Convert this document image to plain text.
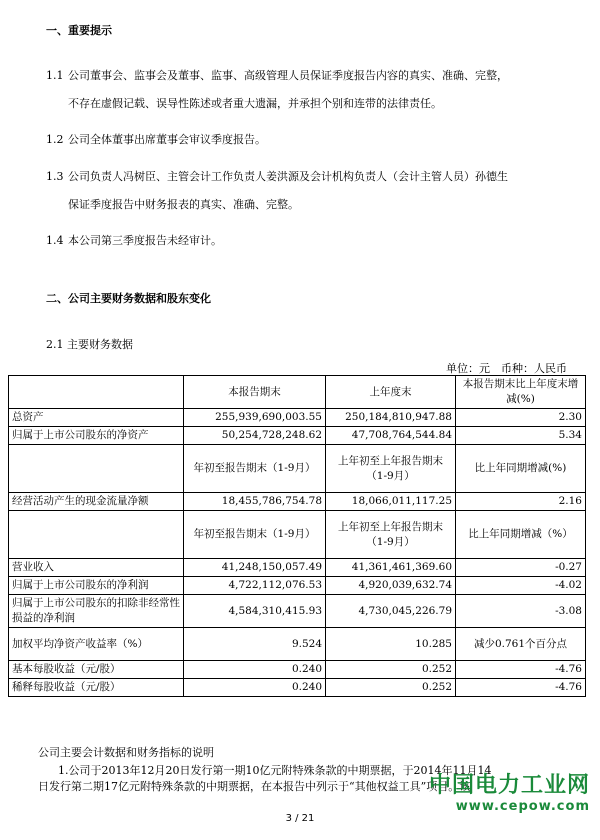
一、重要提示
1.1 公司董事会、监事会及董事、监事、高级管理人员保证季度报告内容的真实、准确、完整，
不存在虚假记载、误导性陈述或者重大遗漏，并承担个别和连带的法律责任。
1.2 公司全体董事出席董事会审议季度报告。
1.3 公司负责人冯树臣、主管会计工作负责人姜洪源及会计机构负责人（会计主管人员）孙德生
保证季度报告中财务报表的真实、准确、完整。
1.4 本公司第三季度报告未经审计。
二、公司主要财务数据和股东变化
2.1 主要财务数据
单位：元　币种：人民币
	本报告期末	上年度末	本报告期末比上年度末增减(%)
总资产	255,939,690,003.55	250,184,810,947.88	2.30
归属于上市公司股东的净资产	50,254,728,248.62	47,708,764,544.84	5.34
	年初至报告期末（1-9月）	上年初至上年报告期末（1-9月）	比上年同期增减(%)
经营活动产生的现金流量净额	18,455,786,754.78	18,066,011,117.25	2.16
	年初至报告期末（1-9月）	上年初至上年报告期末（1-9月）	比上年同期增减（%）
营业收入	41,248,150,057.49	41,361,461,369.60	-0.27
归属于上市公司股东的净利润	4,722,112,076.53	4,920,039,632.74	-4.02
归属于上市公司股东的扣除非经常性损益的净利润	4,584,310,415.93	4,730,045,226.79	-3.08
加权平均净资产收益率（%）	9.524	10.285	减少0.761个百分点
基本每股收益（元/股）	0.240	0.252	-4.76
稀释每股收益（元/股）	0.240	0.252	-4.76
公司主要会计数据和财务指标的说明
1.公司于2013年12月20日发行第一期10亿元附特殊条款的中期票据，于2014年11月14
日发行第二期17亿元附特殊条款的中期票据，在本报告中列示于“其他权益工具”项目。该
中国电力工业网
www.cepow.com
3 / 21
